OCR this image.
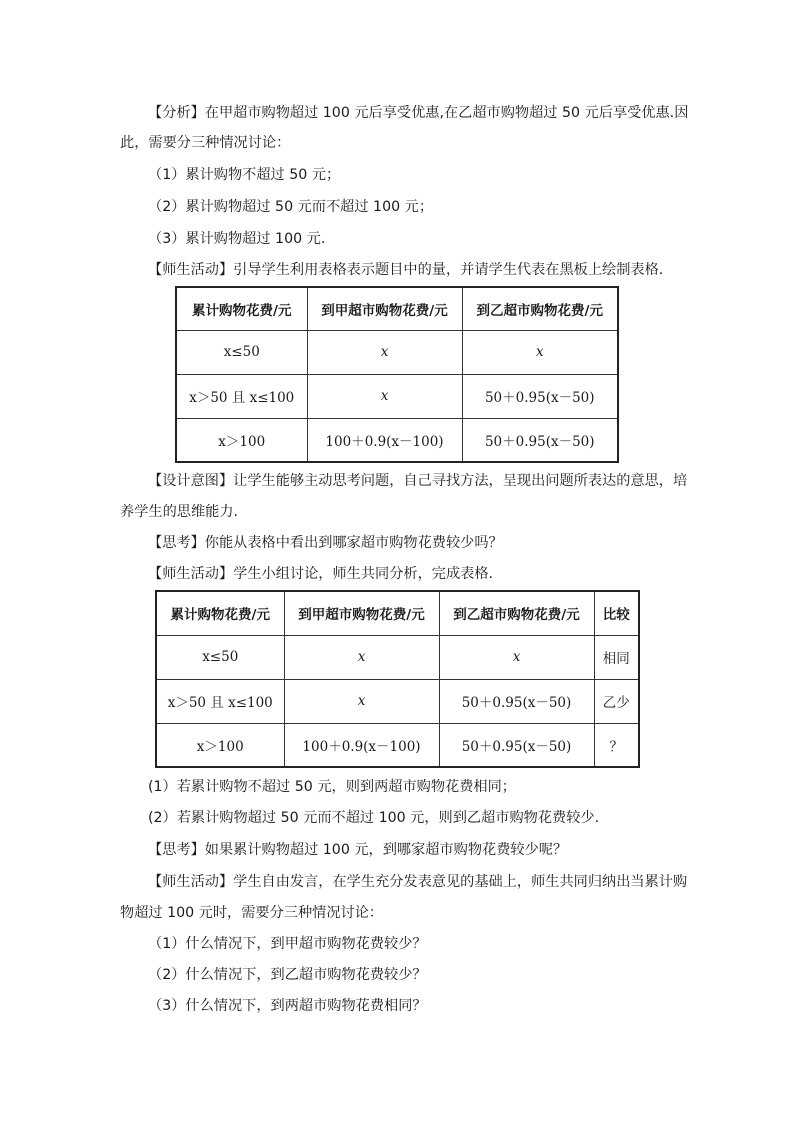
【分析】在甲超市购物超过 100 元后享受优惠,在乙超市购物超过 50 元后享受优惠.因
此，需要分三种情况讨论：
（1）累计购物不超过 50 元；
（2）累计购物超过 50 元而不超过 100 元；
（3）累计购物超过 100 元.
【师生活动】引导学生利用表格表示题目中的量，并请学生代表在黑板上绘制表格.
累计购物花费/元	到甲超市购物花费/元	到乙超市购物花费/元
x≤50	x	x
x＞50 且 x≤100	x	50＋0.95(x－50)
x＞100	100＋0.9(x－100)	50＋0.95(x－50)
【设计意图】让学生能够主动思考问题，自己寻找方法，呈现出问题所表达的意思，培
养学生的思维能力.
【思考】你能从表格中看出到哪家超市购物花费较少吗？
【师生活动】学生小组讨论，师生共同分析，完成表格.
累计购物花费/元	到甲超市购物花费/元	到乙超市购物花费/元	比较
x≤50	x	x	相同
x＞50 且 x≤100	x	50＋0.95(x－50)	乙少
x＞100	100＋0.9(x－100)	50＋0.95(x－50)	？
(1）若累计购物不超过 50 元，则到两超市购物花费相同；
(2）若累计购物超过 50 元而不超过 100 元，则到乙超市购物花费较少.
【思考】如果累计购物超过 100 元，到哪家超市购物花费较少呢？
【师生活动】学生自由发言，在学生充分发表意见的基础上，师生共同归纳出当累计购
物超过 100 元时，需要分三种情况讨论：
（1）什么情况下，到甲超市购物花费较少？
（2）什么情况下，到乙超市购物花费较少？
（3）什么情况下，到两超市购物花费相同？
